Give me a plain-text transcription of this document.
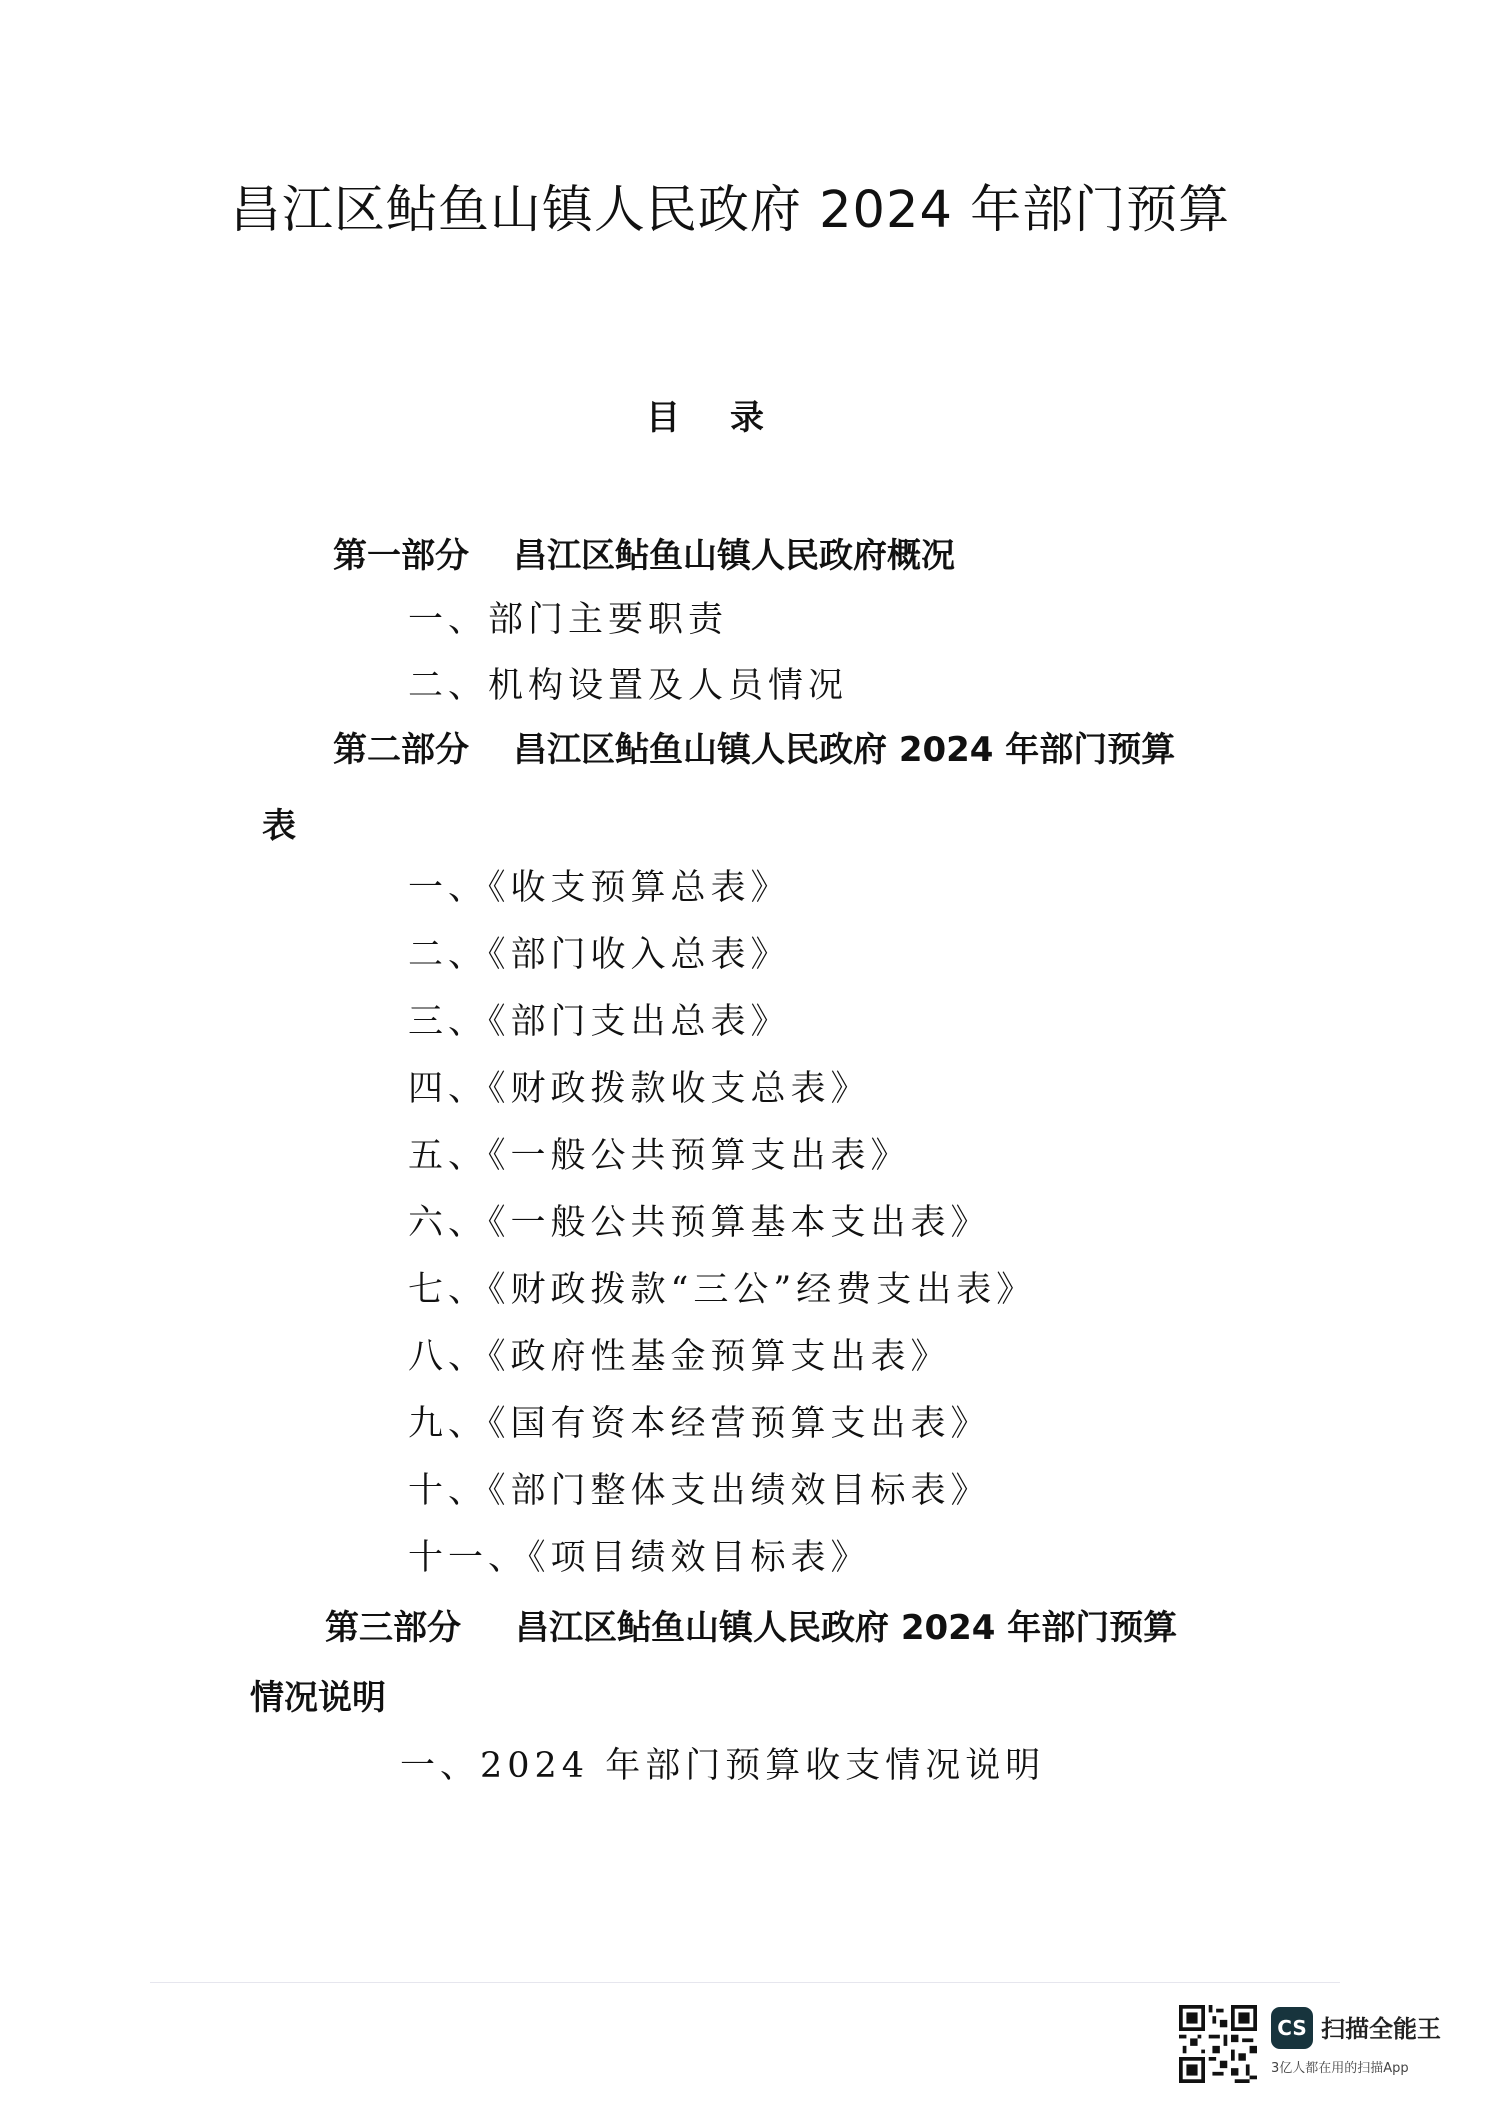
昌江区鲇鱼山镇人民政府 2024 年部门预算
目录
第一部分 昌江区鲇鱼山镇人民政府概况
一、部门主要职责
二、机构设置及人员情况
第二部分 昌江区鲇鱼山镇人民政府 2024 年部门预算
表
一、《收支预算总表》
二、《部门收入总表》
三、《部门支出总表》
四、《财政拨款收支总表》
五、《一般公共预算支出表》
六、《一般公共预算基本支出表》
七、《财政拨款“三公”经费支出表》
八、《政府性基金预算支出表》
九、《国有资本经营预算支出表》
十、《部门整体支出绩效目标表》
十一、《项目绩效目标表》
第三部分 昌江区鲇鱼山镇人民政府 2024 年部门预算
情况说明
一、2024 年部门预算收支情况说明
CS 扫描全能王
3亿人都在用的扫描App
